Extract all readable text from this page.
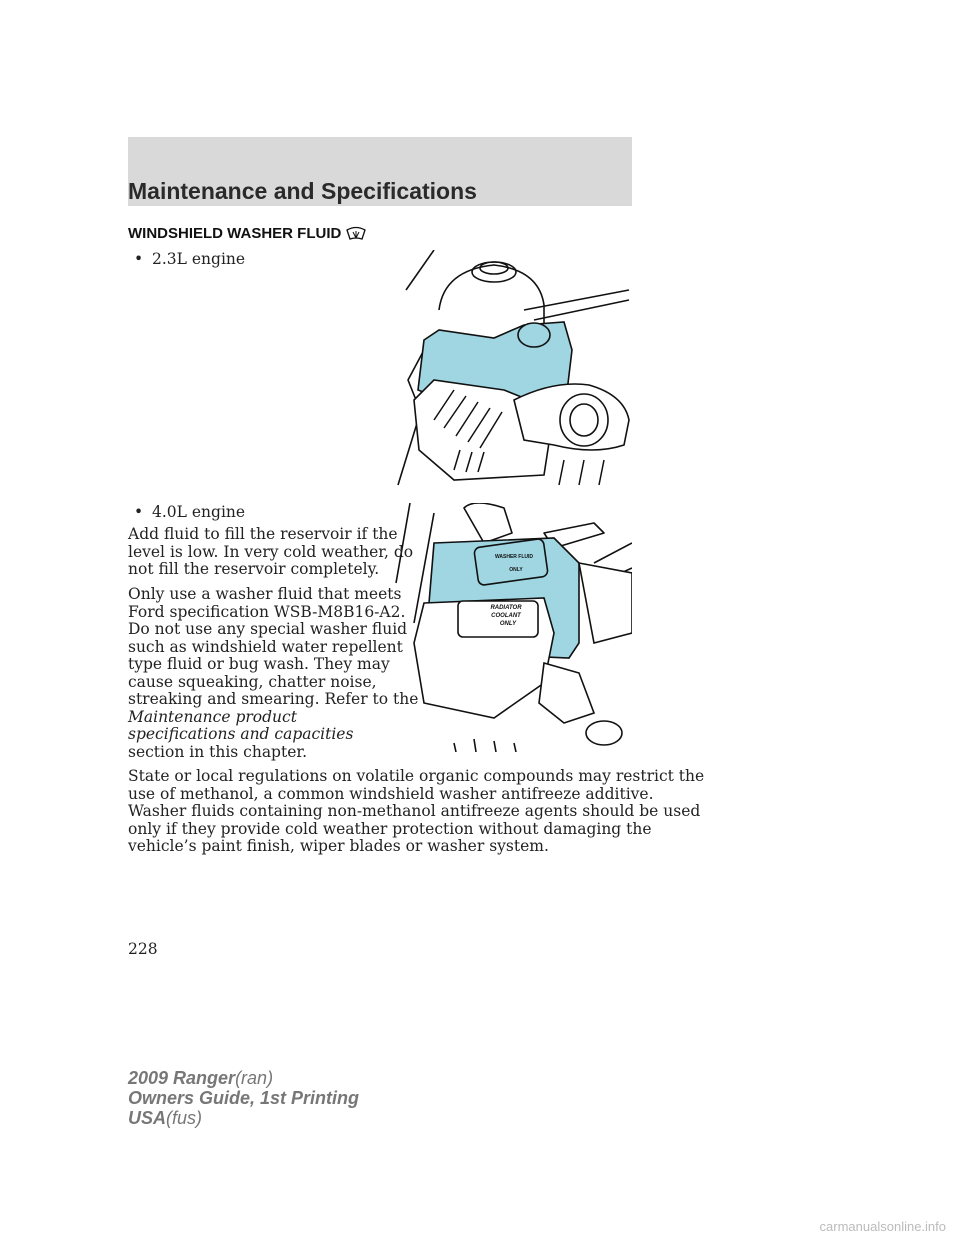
Maintenance and Specifications
WINDSHIELD WASHER FLUID
• 2.3L engine
• 4.0L engine
WASHER FLUID
ONLY
RADIATOR
COOLANT
ONLY

Add fluid to fill the reservoir if the
level is low. In very cold weather, do
not fill the reservoir completely.

Only use a washer fluid that meets
Ford specification WSB-M8B16-A2.
Do not use any special washer fluid
such as windshield water repellent
type fluid or bug wash. They may
cause squeaking, chatter noise,
streaking and smearing. Refer to the
Maintenance product
specifications and capacities
section in this chapter.

State or local regulations on volatile organic compounds may restrict the
use of methanol, a common windshield washer antifreeze additive.
Washer fluids containing non-methanol antifreeze agents should be used
only if they provide cold weather protection without damaging the
vehicle’s paint finish, wiper blades or washer system.

228
2009 Ranger(ran)
Owners Guide, 1st Printing
USA(fus)
carmanualsonline.info
